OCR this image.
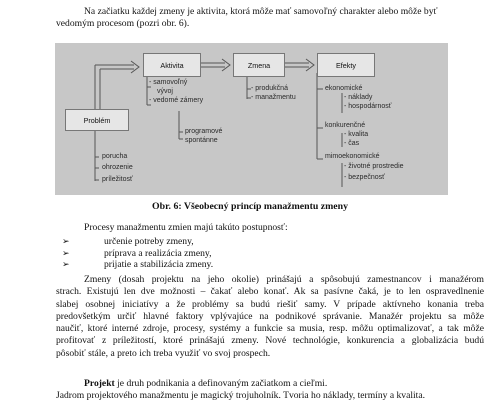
Na začiatku každej zmeny je aktivita, ktorá môže mať samovoľný charakter alebo môže byť
vedomým procesom (pozri obr. 6).
Aktivita	Zmena	Efekty
Problém
- samovoľný
vývoj
- vedomé zámery
programové
spontánne
- produkčná
- manažmentu
ekonomické
- náklady
- hospodárnosť
konkurenčné
- kvalita
- čas
mimoekonomické
- životné prostredie
- bezpečnosť
porucha
ohrozenie
príležitosť
Obr. 6: Všeobecný princíp manažmentu zmeny
Procesy manažmentu zmien majú takúto postupnosť:
➢	určenie potreby zmeny,
➢	príprava a realizácia zmeny,
➢	prijatie a stabilizácia zmeny.
Zmeny (dosah projektu na jeho okolie) prinášajú a spôsobujú zamestnancov i manažérom
strach. Existujú len dve možnosti – čakať alebo konať. Ak sa pasívne čaká, je to len ospravedlnenie
slabej osobnej iniciatívy a že problémy sa budú riešiť samy. V prípade aktívneho konania treba
predovšetkým určiť hlavné faktory vplývajúce na podnikové správanie. Manažér projektu sa môže
naučiť, ktoré interné zdroje, procesy, systémy a funkcie sa musia, resp. môžu optimalizovať, a tak môže
profitovať z príležitostí, ktoré prinášajú zmeny. Nové technológie, konkurencia a globalizácia budú
pôsobiť stále, a preto ich treba využiť vo svoj prospech.
Projekt je druh podnikania a definovaným začiatkom a cieľmi.
Jadrom projektového manažmentu je magický trojuholník. Tvoria ho náklady, termíny a kvalita.
